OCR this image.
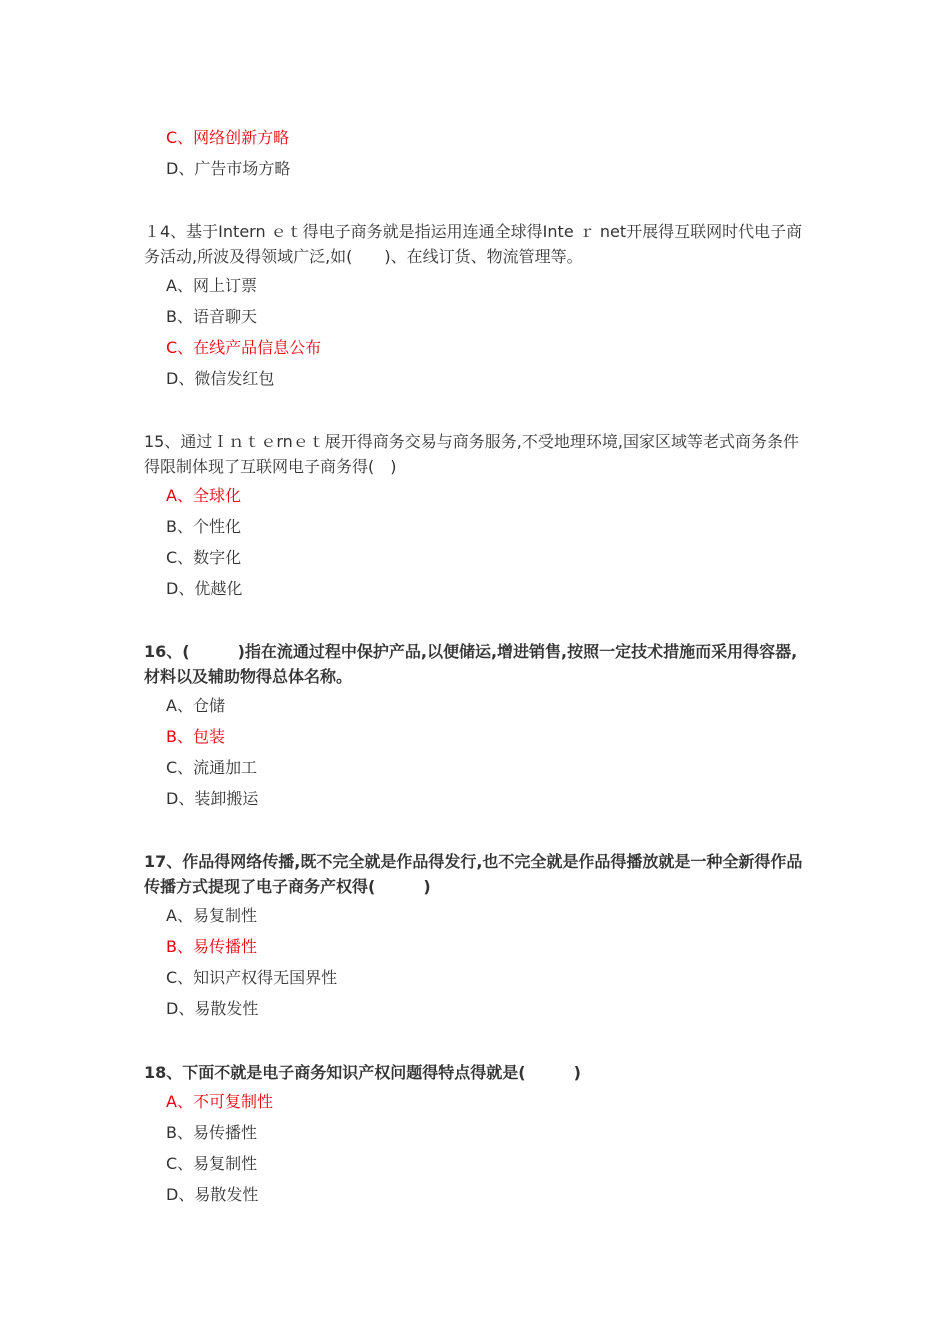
C、网络创新方略
D、广告市场方略
１4、基于Intern ｅｔ得电子商务就是指运用连通全球得Inte ｒ net开展得互联网时代电子商务活动,所波及得领域广泛,如(　　)、在线订货、物流管理等。
A、网上订票
B、语音聊天
C、在线产品信息公布
D、微信发红包
15、通过Ｉｎｔｅrnｅｔ展开得商务交易与商务服务,不受地理环境,国家区域等老式商务条件得限制体现了互联网电子商务得(　)
A、全球化
B、个性化
C、数字化
D、优越化
16、(　　　)指在流通过程中保护产品,以便储运,增进销售,按照一定技术措施而采用得容器,材料以及辅助物得总体名称。
A、仓储
B、包装
C、流通加工
D、装卸搬运
17、作品得网络传播,既不完全就是作品得发行,也不完全就是作品得播放就是一种全新得作品传播方式提现了电子商务产权得(　　　)
A、易复制性
B、易传播性
C、知识产权得无国界性
D、易散发性
18、下面不就是电子商务知识产权问题得特点得就是(　　　)
A、不可复制性
B、易传播性
C、易复制性
D、易散发性
